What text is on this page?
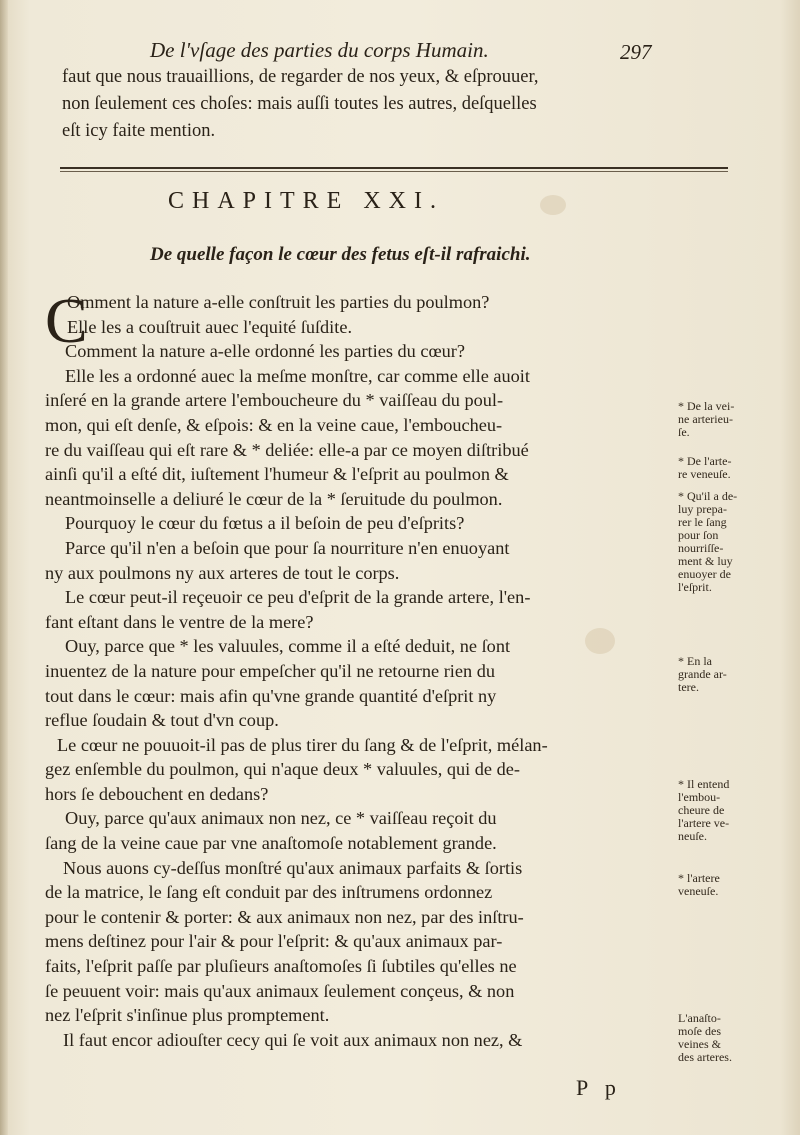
De l'vſage des parties du corps Humain.	297
faut que nous trauaillions, de regarder de nos yeux, & eſprouuer,
non ſeulement ces choſes: mais auſſi toutes les autres, deſquelles
eſt icy faite mention.
CHAPITRE XXI.
De quelle façon le cœur des fetus eſt-il rafraichi.
C
Omment la nature a-elle conſtruit les parties du poulmon?
Elle les a couſtruit auec l'equité ſuſdite.
Comment la nature a-elle ordonné les parties du cœur?
Elle les a ordonné auec la meſme monſtre, car comme elle auoit
inſeré en la grande artere l'emboucheure du * vaiſſeau du poul-
mon, qui eſt denſe, & eſpois: & en la veine caue, l'emboucheu-
re du vaiſſeau qui eſt rare & * deliée: elle-a par ce moyen diſtribué
ainſi qu'il a eſté dit, iuſtement l'humeur & l'eſprit au poulmon &
neantmoinselle a deliuré le cœur de la * ſeruitude du poulmon.
Pourquoy le cœur du fœtus a il beſoin de peu d'eſprits?
Parce qu'il n'en a beſoin que pour ſa nourriture n'en enuoyant
ny aux poulmons ny aux arteres de tout le corps.
Le cœur peut-il reçeuoir ce peu d'eſprit de la grande artere, l'en-
fant eſtant dans le ventre de la mere?
Ouy, parce que * les valuules, comme il a eſté deduit, ne ſont
inuentez de la nature pour empeſcher qu'il ne retourne rien du
tout dans le cœur: mais afin qu'vne grande quantité d'eſprit ny
reflue ſoudain & tout d'vn coup.
Le cœur ne pouuoit-il pas de plus tirer du ſang & de l'eſprit, mélan-
gez enſemble du poulmon, qui n'aque deux * valuules, qui de de-
hors ſe debouchent en dedans?
Ouy, parce qu'aux animaux non nez, ce * vaiſſeau reçoit du
ſang de la veine caue par vne anaſtomoſe notablement grande.
Nous auons cy-deſſus monſtré qu'aux animaux parfaits & ſortis
de la matrice, le ſang eſt conduit par des inſtrumens ordonnez
pour le contenir & porter: & aux animaux non nez, par des inſtru-
mens deſtinez pour l'air & pour l'eſprit: & qu'aux animaux par-
faits, l'eſprit paſſe par pluſieurs anaſtomoſes ſi ſubtiles qu'elles ne
ſe peuuent voir: mais qu'aux animaux ſeulement conçeus, & non
nez l'eſprit s'inſinue plus promptement.
Il faut encor adiouſter cecy qui ſe voit aux animaux non nez, &
* De la vei-
ne arterieu-
ſe.
* De l'arte-
re veneuſe.
* Qu'il a de-
luy prepa-
rer le ſang
pour ſon
nourriſſe-
ment & luy
enuoyer de
l'eſprit.
* En la
grande ar-
tere.
* Il entend
l'embou-
cheure de
l'artere ve-
neuſe.
* l'artere
veneuſe.
L'anaſto-
moſe des
veines &
des arteres.
P p
